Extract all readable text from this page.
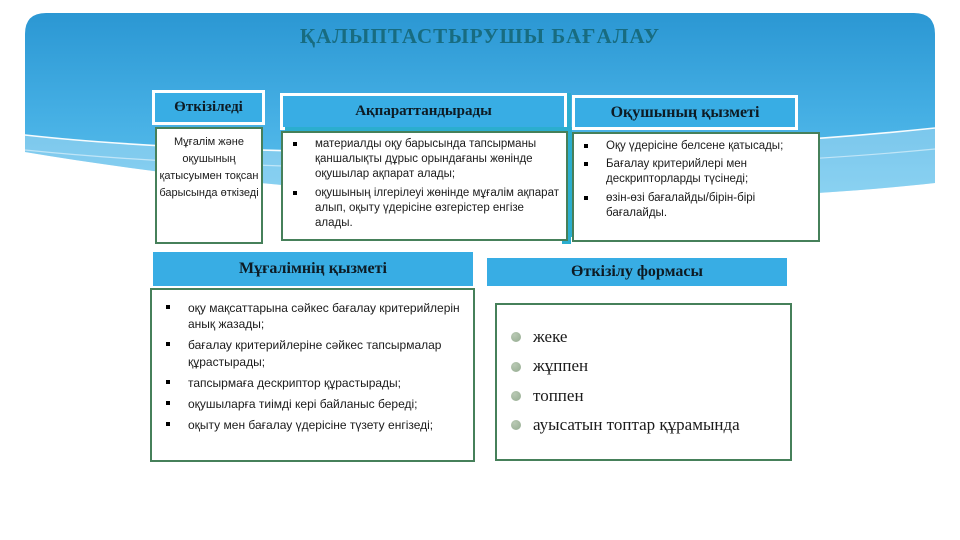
ҚАЛЫПТАСТЫРУШЫ БАҒАЛАУ
Өткізіледі
Мұғалім және оқушының қатысуымен тоқсан барысында өткізеді
Ақпараттандырады
материалды оқу барысында тапсырманы қаншалықты дұрыс орындағаны жөнінде оқушылар ақпарат алады;
оқушының ілгерілеуі жөнінде мұғалім ақпарат алып, оқыту үдерісіне өзгерістер енгізе алады.
Оқушының қызметі
Оқу үдерісіне белсене қатысады;
Бағалау критерийлері мен дескрипторларды түсінеді;
өзін-өзі бағалайды/бірін-бірі бағалайды.
Мұғалімнің қызметі
оқу мақсаттарына сәйкес бағалау критерийлерін анық жазады;
бағалау критерийлеріне сәйкес тапсырмалар құрастырады;
тапсырмаға дескриптор құрастырады;
оқушыларға тиімді кері байланыс береді;
оқыту мен бағалау үдерісіне түзету енгізеді;
Өткізілу формасы
жеке
жұппен
топпен
ауысатын топтар құрамында
